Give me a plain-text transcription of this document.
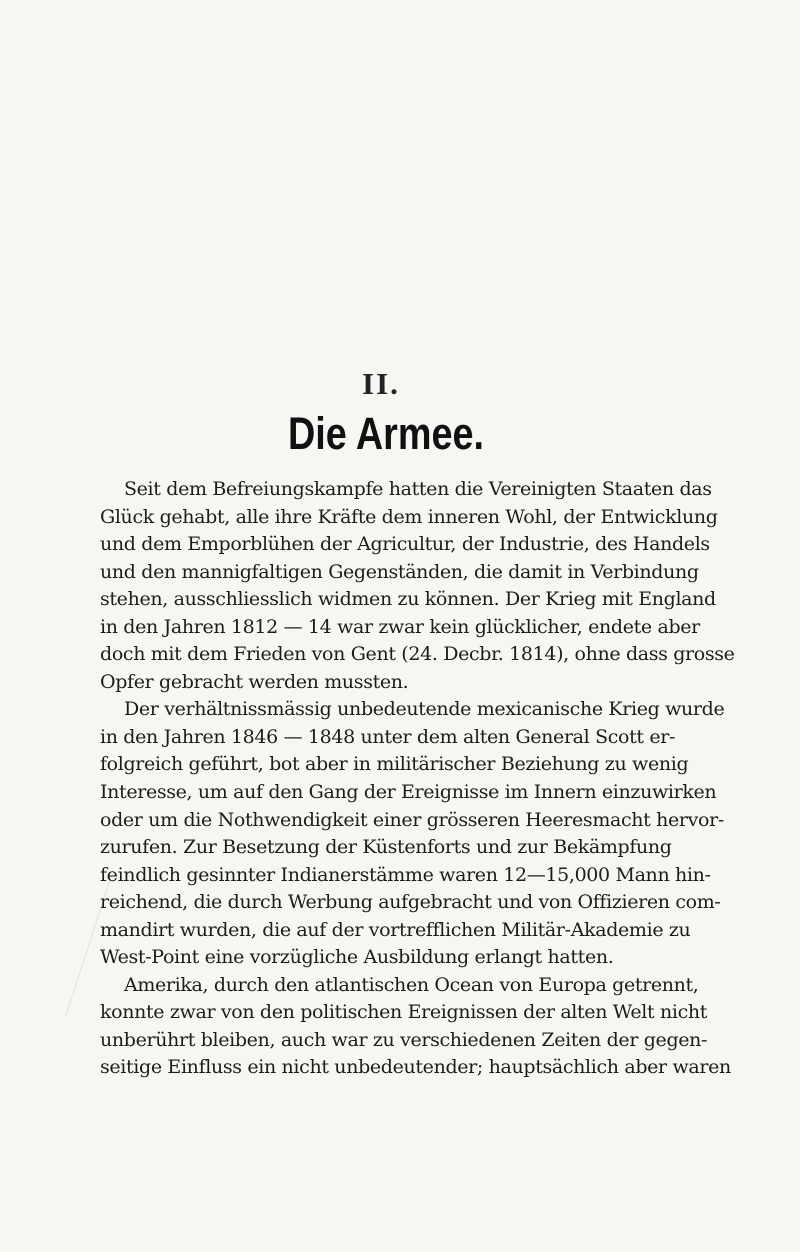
II.
Die Armee.
Seit dem Befreiungskampfe hatten die Vereinigten Staaten das
Glück gehabt, alle ihre Kräfte dem inneren Wohl, der Entwicklung
und dem Emporblühen der Agricultur, der Industrie, des Handels
und den mannigfaltigen Gegenständen, die damit in Verbindung
stehen, ausschliesslich widmen zu können. Der Krieg mit England
in den Jahren 1812 — 14 war zwar kein glücklicher, endete aber
doch mit dem Frieden von Gent (24. Decbr. 1814), ohne dass grosse
Opfer gebracht werden mussten.
Der verhältnissmässig unbedeutende mexicanische Krieg wurde
in den Jahren 1846 — 1848 unter dem alten General Scott er-
folgreich geführt, bot aber in militärischer Beziehung zu wenig
Interesse, um auf den Gang der Ereignisse im Innern einzuwirken
oder um die Nothwendigkeit einer grösseren Heeresmacht hervor-
zurufen. Zur Besetzung der Küstenforts und zur Bekämpfung
feindlich gesinnter Indianerstämme waren 12—15,000 Mann hin-
reichend, die durch Werbung aufgebracht und von Offizieren com-
mandirt wurden, die auf der vortrefflichen Militär-Akademie zu
West-Point eine vorzügliche Ausbildung erlangt hatten.
Amerika, durch den atlantischen Ocean von Europa getrennt,
konnte zwar von den politischen Ereignissen der alten Welt nicht
unberührt bleiben, auch war zu verschiedenen Zeiten der gegen-
seitige Einfluss ein nicht unbedeutender; hauptsächlich aber waren
